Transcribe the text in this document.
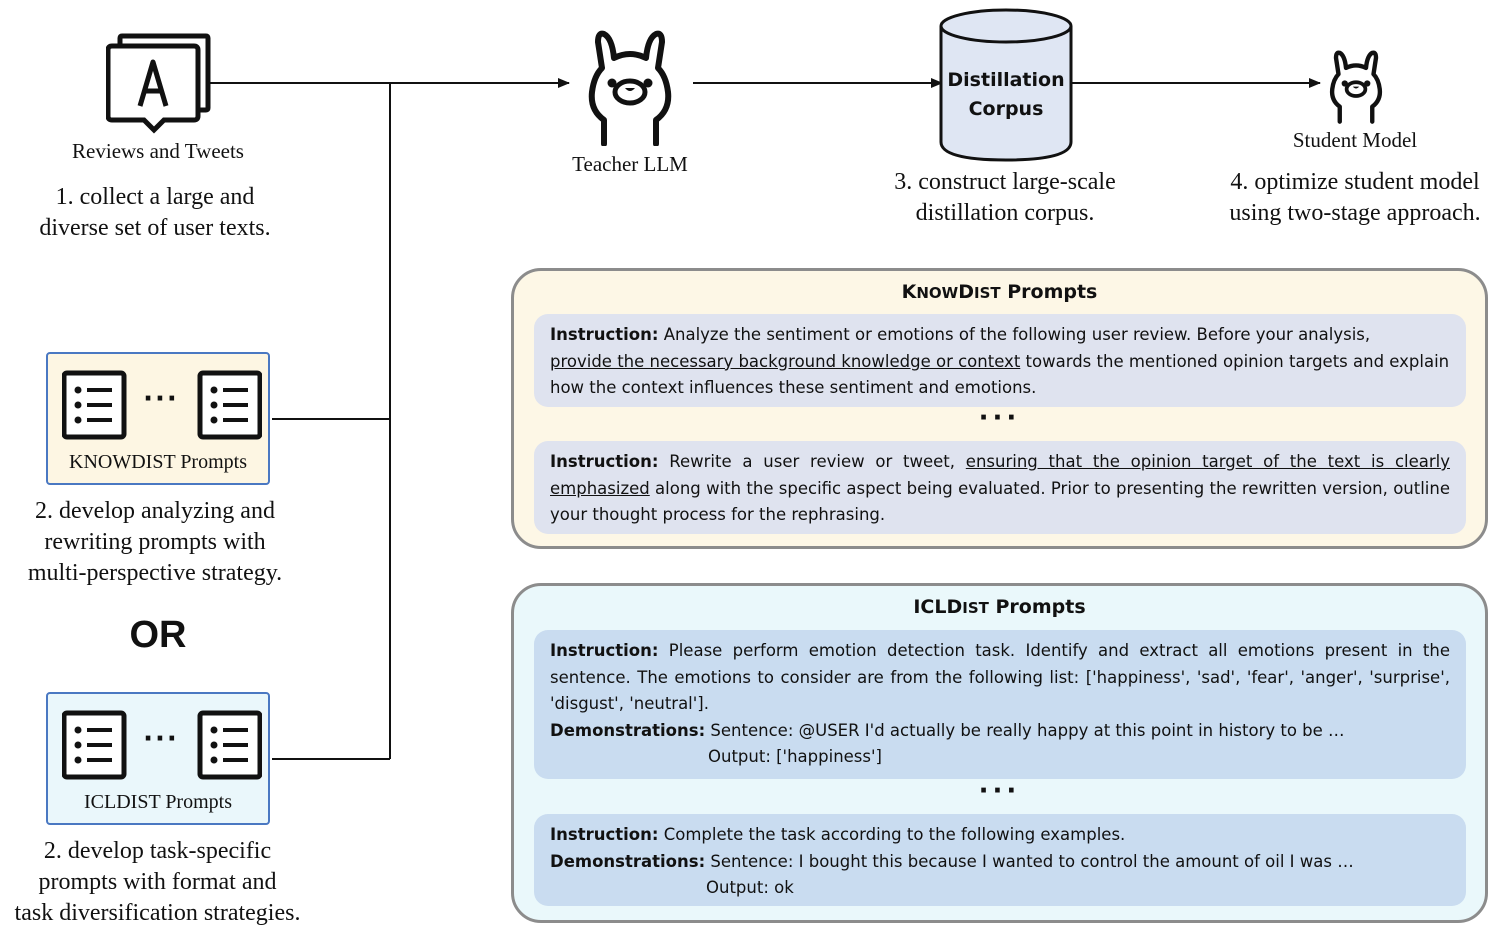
Reviews and Tweets
1. collect a large and
diverse set of user texts.
Teacher LLM
Distillation
Corpus
3. construct large-scale
distillation corpus.
Student Model
4. optimize student model
using two-stage approach.
···
KNOWDIST Prompts
2. develop analyzing and
rewriting prompts with
multi-perspective strategy.
OR
···
ICLDIST Prompts
2. develop task-specific
prompts with format and
task diversification strategies.
KNOWDIST Prompts
Instruction: Analyze the sentiment or emotions of the following user review. Before your analysis,
provide the necessary background knowledge or context towards the mentioned opinion targets and explain how the context influences these sentiment and emotions.
···
Instruction: Rewrite a user review or tweet, ensuring that the opinion target of the text is clearly emphasized along with the specific aspect being evaluated. Prior to presenting the rewritten version, outline your thought process for the rephrasing.
ICLDIST Prompts
Instruction: Please perform emotion detection task. Identify and extract all emotions present in the sentence. The emotions to consider are from the following list: ['happiness', 'sad', 'fear', 'anger', 'surprise', 'disgust', 'neutral'].
Demonstrations: Sentence: @USER I'd actually be really happy at this point in history to be …
Output: ['happiness']
···
Instruction: Complete the task according to the following examples.
Demonstrations: Sentence: I bought this because I wanted to control the amount of oil I was …
Output: ok
